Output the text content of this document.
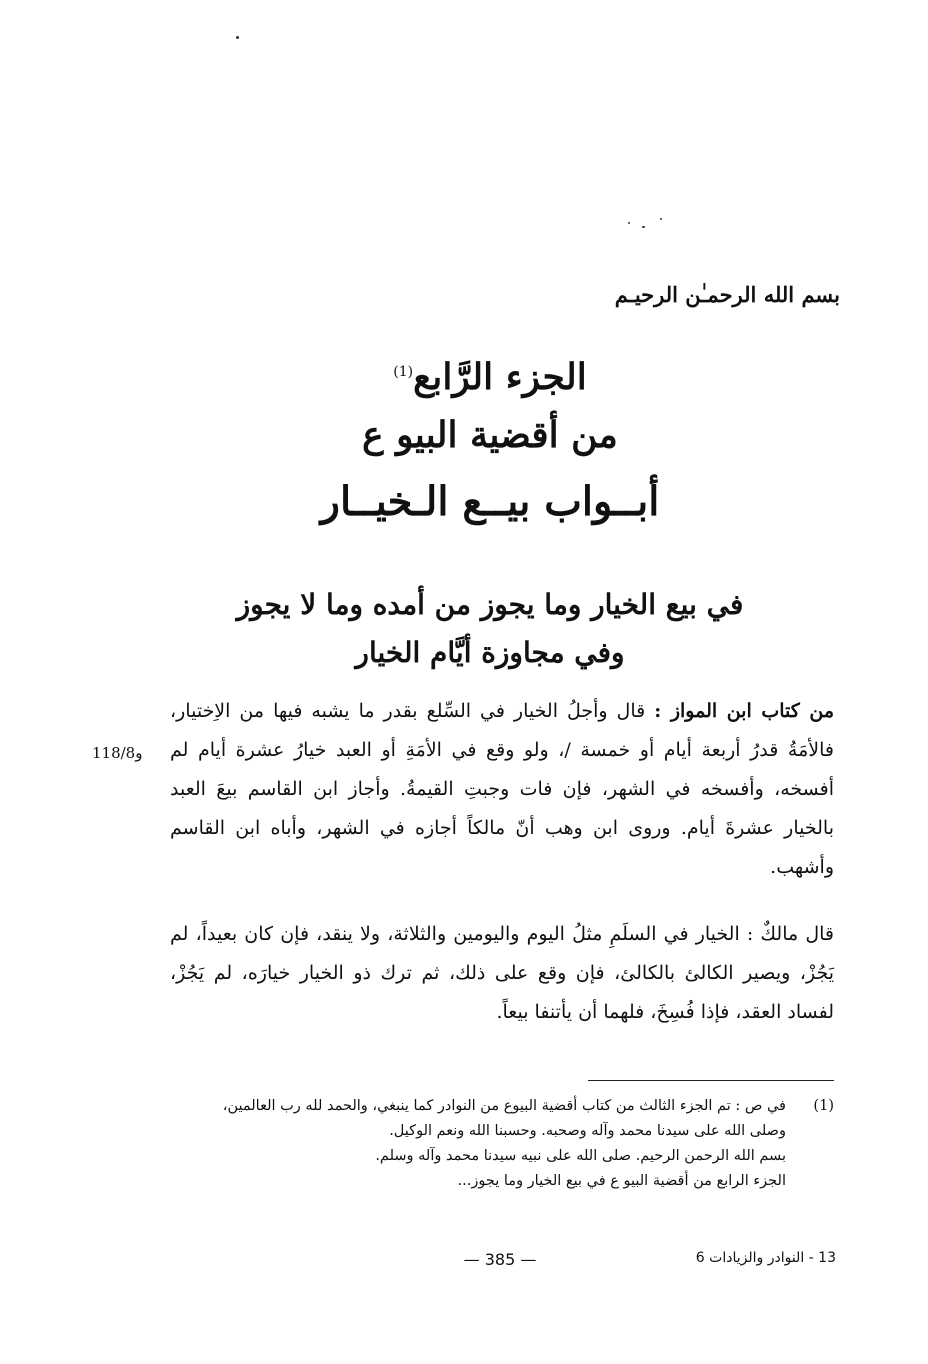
بسم الله الرحمـٰن الرحيـم
الجزء الرَّابع$^{(1)}$
من أقضية البيو ع
أبــواب بيــع الـخيــار
في بيع الخيار وما يجوز من أمده وما لا يجوز
وفي مجاوزة أيَّام الخيار
من كتاب ابن المواز : قال وأجلُ الخيار في السِّلع بقدر ما يشبه فيها من الاِختيار، فالأمَةُ قدرُ أربعة أيام أو خمسة /، ولو وقع في الأمَةِ أو العبد خيارُ عشرة أيام لم أفسخه، وأفسخه في الشهر، فإن فات وجبتِ القيمةُ. وأجاز ابن القاسم بيعَ العبد بالخيار عشرةَ أيام. وروى ابن وهب أنّ مالكاً أجازه في الشهر، وأباه ابن القاسم وأشهب.
118/8و
قال مالكٌ : الخيار في السلَمِ مثلُ اليوم واليومين والثلاثة، ولا ينقد، فإن كان بعيداً، لم يَجُزْ، ويصير الكالئ بالكالئ، فإن وقع على ذلك، ثم ترك ذو الخيار خيارَه، لم يَجُزْ، لفساد العقد، فإذا فُسِخَ، فلهما أن يأتنفا بيعاً.
(1)
في ص : تم الجزء الثالث من كتاب أقضية البيوع من النوادر كما ينبغي، والحمد لله رب العالمين،
وصلى الله على سيدنا محمد وآله وصحبه. وحسبنا الله ونعم الوكيل.
بسم الله الرحمن الرحيم. صلى الله على نبيه سيدنا محمد وآله وسلم.
الجزء الرابع من أقضية البيو ع في بيع الخيار وما يجوز...
— 385 —	13 - النوادر والزيادات 6
